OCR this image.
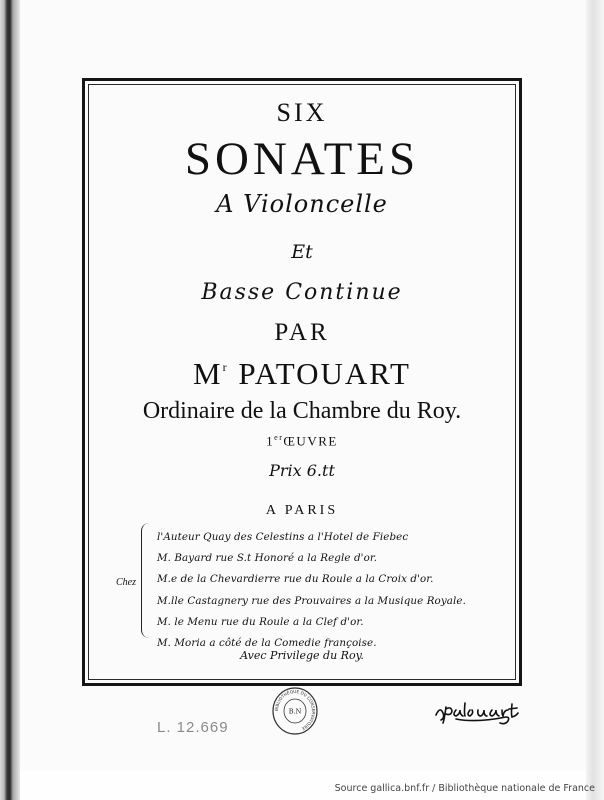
SIX

SONATES

A Violoncelle

Et

Basse Continue

PAR

$M^r$ PATOUART

Ordinaire de la Chambre du Roy.

1erŒUVRE

Prix 6.tt

A PARIS

Chez
l'Auteur Quay des Celestins a l'Hotel de Fiebec
M. Bayard rue S.t Honoré a la Regle d'or.
M.e de la Chevardierre rue du Roule a la Croix d'or.
M.lle Castagnery rue des Prouvaires a la Musique Royale.
M. le Menu rue du Roule a la Clef d'or.
M. Moria a côté de la Comedie françoise.

Avec Privilege du Roy.

BIBLIOTHÈQUE DU CONSERVATOIRE
B.N
L. 12.669
Source gallica.bnf.fr / Bibliothèque nationale de France
